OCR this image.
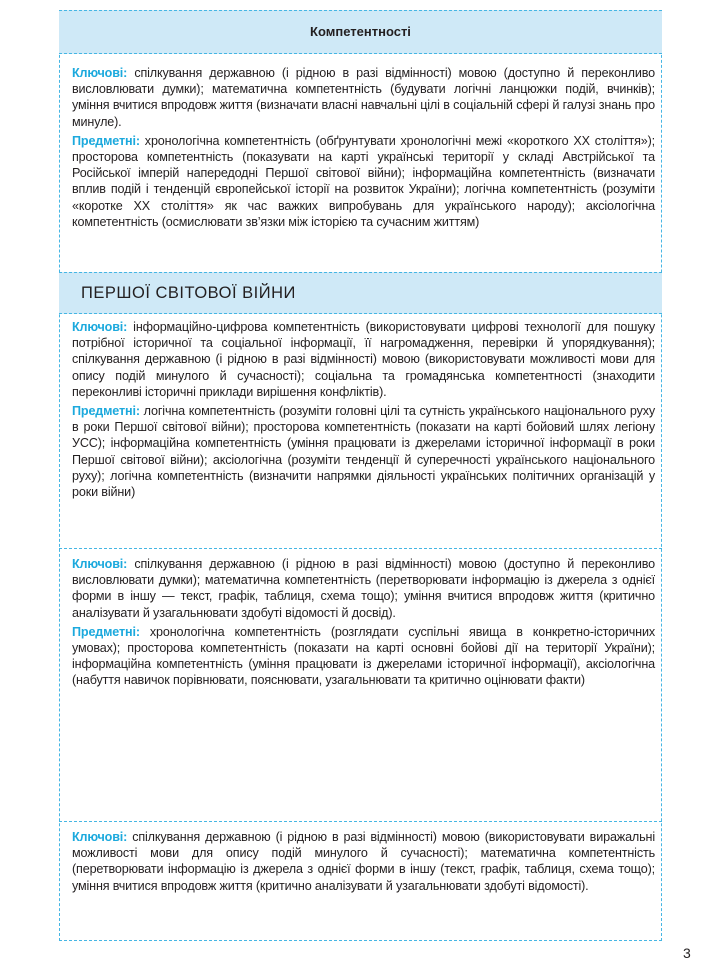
Компетентності

Ключові: спілкування державною (і рідною в разі відмінності) мовою (доступно й переконливо висловлювати думки); математична компетентність (будувати логічні ланцюжки подій, вчинків); уміння вчитися впродовж життя (визначати власні навчальні цілі в соціальній сфері й галузі знань про минуле).

Предметні: хронологічна компетентність (обґрунтувати хронологічні межі «короткого ХХ століття»); просторова компетентність (показувати на карті українські території у складі Австрійської та Російської імперій напередодні Першої світової війни); інформаційна компетентність (визначати вплив подій і тенденцій європейської історії на розвиток України); логічна компетентність (розуміти «коротке ХХ століття» як час важких випробувань для українського народу); аксіологічна компетентність (осмислювати зв’язки між історією та сучасним життям)

ПЕРШОЇ СВІТОВОЇ ВІЙНИ

Ключові: інформаційно-цифрова компетентність (використовувати цифрові технології для пошуку потрібної історичної та соціальної інформації, її нагромадження, перевірки й упорядкування); спілкування державною (і рідною в разі відмінності) мовою (використовувати можливості мови для опису подій минулого й сучасності); соціальна та громадянська компетентності (знаходити переконливі історичні приклади вирішення конфліктів).

Предметні: логічна компетентність (розуміти головні цілі та сутність українського національного руху в роки Першої світової війни); просторова компетентність (показати на карті бойовий шлях легіону УСС); інформаційна компетентність (уміння працювати із джерелами історичної інформації в роки Першої світової війни); аксіологічна (розуміти тенденції й суперечності українського національного руху); логічна компетентність (визначити напрямки діяльності українських політичних організацій у роки війни)

Ключові: спілкування державною (і рідною в разі відмінності) мовою (доступно й переконливо висловлювати думки); математична компетентність (перетворювати інформацію із джерела з однієї форми в іншу — текст, графік, таблиця, схема тощо); уміння вчитися впродовж життя (критично аналізувати й узагальнювати здобуті відомості й досвід).

Предметні: хронологічна компетентність (розглядати суспільні явища в конкретно-історичних умовах); просторова компетентність (показати на карті основні бойові дії на території України); інформаційна компетентність (уміння працювати із джерелами історичної інформації), аксіологічна (набуття навичок порівнювати, пояснювати, узагальнювати та критично оцінювати факти)

Ключові: спілкування державною (і рідною в разі відмінності) мовою (використовувати виражальні можливості мови для опису подій минулого й сучасності); математична компетентність (перетворювати інформацію із джерела з однієї форми в іншу (текст, графік, таблиця, схема тощо); уміння вчитися впродовж життя (критично аналізувати й узагальнювати здобуті відомості).

3
